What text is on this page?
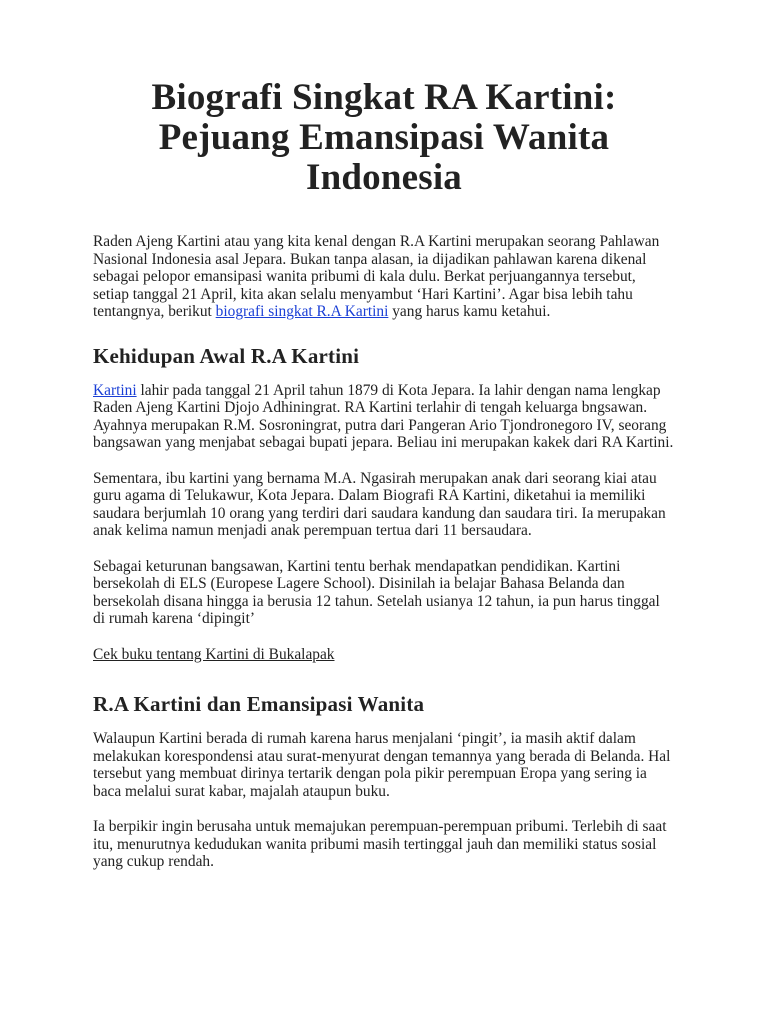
Biografi Singkat RA Kartini:
Pejuang Emansipasi Wanita
Indonesia

Raden Ajeng Kartini atau yang kita kenal dengan R.A Kartini merupakan seorang Pahlawan Nasional Indonesia asal Jepara. Bukan tanpa alasan, ia dijadikan pahlawan karena dikenal sebagai pelopor emansipasi wanita pribumi di kala dulu. Berkat perjuangannya tersebut, setiap tanggal 21 April, kita akan selalu menyambut ‘Hari Kartini’. Agar bisa lebih tahu tentangnya, berikut biografi singkat R.A Kartini yang harus kamu ketahui.

Kehidupan Awal R.A Kartini

Kartini lahir pada tanggal 21 April tahun 1879 di Kota Jepara. Ia lahir dengan nama lengkap Raden Ajeng Kartini Djojo Adhiningrat. RA Kartini terlahir di tengah keluarga bngsawan. Ayahnya merupakan R.M. Sosroningrat, putra dari Pangeran Ario Tjondronegoro IV, seorang bangsawan yang menjabat sebagai bupati jepara. Beliau ini merupakan kakek dari RA Kartini.

Sementara, ibu kartini yang bernama M.A. Ngasirah merupakan anak dari seorang kiai atau guru agama di Telukawur, Kota Jepara. Dalam Biografi RA Kartini, diketahui ia memiliki saudara berjumlah 10 orang yang terdiri dari saudara kandung dan saudara tiri. Ia merupakan anak kelima namun menjadi anak perempuan tertua dari 11 bersaudara.

Sebagai keturunan bangsawan, Kartini tentu berhak mendapatkan pendidikan. Kartini bersekolah di ELS (Europese Lagere School). Disinilah ia belajar Bahasa Belanda dan bersekolah disana hingga ia berusia 12 tahun. Setelah usianya 12 tahun, ia pun harus tinggal di rumah karena ‘dipingit’

Cek buku tentang Kartini di Bukalapak

R.A Kartini dan Emansipasi Wanita

Walaupun Kartini berada di rumah karena harus menjalani ‘pingit’, ia masih aktif dalam melakukan korespondensi atau surat-menyurat dengan temannya yang berada di Belanda. Hal tersebut yang membuat dirinya tertarik dengan pola pikir perempuan Eropa yang sering ia baca melalui surat kabar, majalah ataupun buku.

Ia berpikir ingin berusaha untuk memajukan perempuan-perempuan pribumi. Terlebih di saat itu, menurutnya kedudukan wanita pribumi masih tertinggal jauh dan memiliki status sosial yang cukup rendah.
